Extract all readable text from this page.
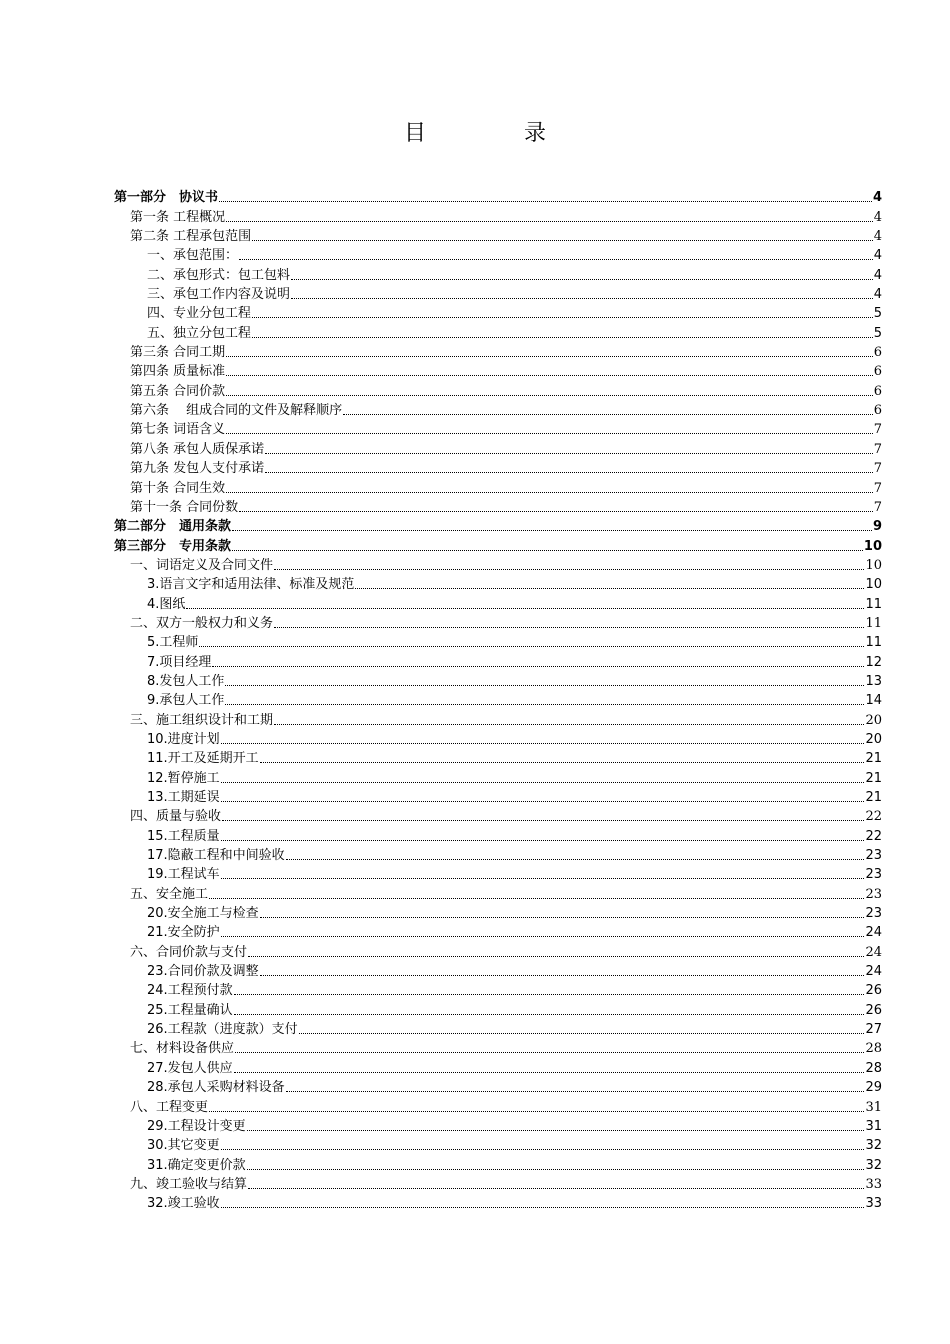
目　录
第一部分　协议书	4
第一条 工程概况	4
第二条 工程承包范围	4
一、承包范围：	4
二、承包形式：包工包料	4
三、承包工作内容及说明	4
四、专业分包工程	5
五、独立分包工程	5
第三条 合同工期	6
第四条 质量标准	6
第五条 合同价款	6
第六条　 组成合同的文件及解释顺序	6
第七条 词语含义	7
第八条 承包人质保承诺	7
第九条 发包人支付承诺	7
第十条 合同生效	7
第十一条 合同份数	7
第二部分　通用条款	9
第三部分　专用条款	10
一、词语定义及合同文件	10
3.语言文字和适用法律、标准及规范	10
4.图纸	11
二、双方一般权力和义务	11
5.工程师	11
7.项目经理	12
8.发包人工作	13
9.承包人工作	14
三、施工组织设计和工期	20
10.进度计划	20
11.开工及延期开工	21
12.暂停施工	21
13.工期延误	21
四、质量与验收	22
15.工程质量	22
17.隐蔽工程和中间验收	23
19.工程试车	23
五、安全施工	23
20.安全施工与检查	23
21.安全防护	24
六、合同价款与支付	24
23.合同价款及调整	24
24.工程预付款	26
25.工程量确认	26
26.工程款（进度款）支付	27
七、材料设备供应	28
27.发包人供应	28
28.承包人采购材料设备	29
八、工程变更	31
29.工程设计变更	31
30.其它变更	32
31.确定变更价款	32
九、竣工验收与结算	33
32.竣工验收	33
